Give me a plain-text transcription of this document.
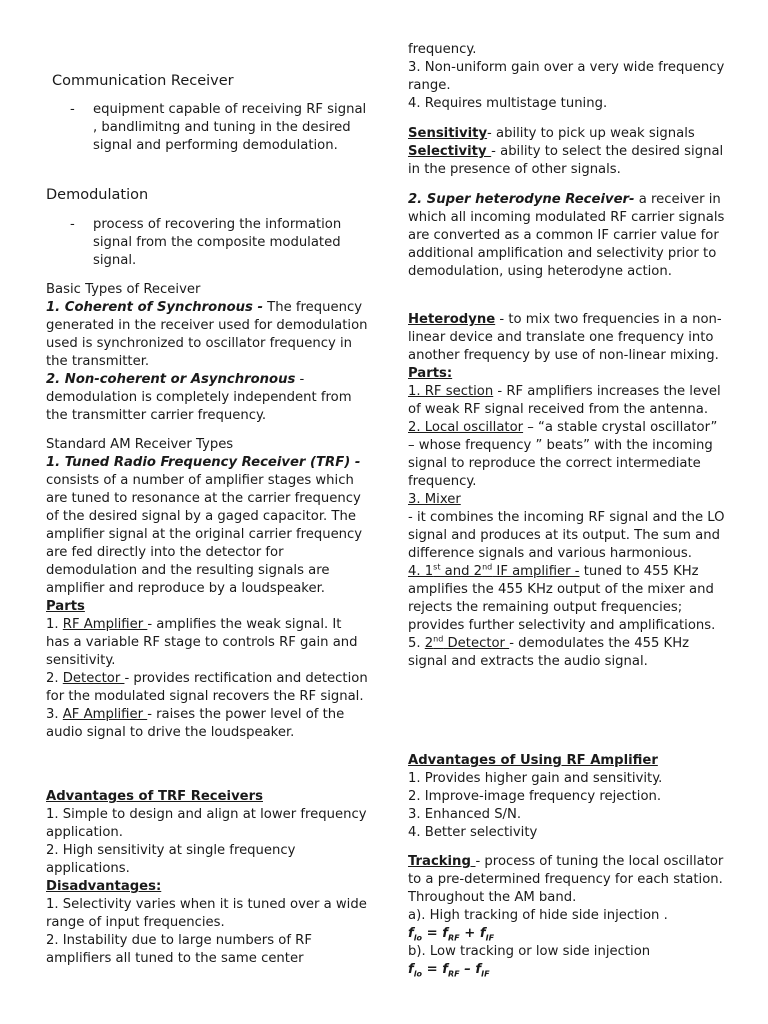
Communication Receiver

-	equipment capable of receiving RF signal , bandlimitng and tuning in the desired signal and performing demodulation.

Demodulation

-	process of recovering the information signal from the composite modulated signal.

Basic Types of Receiver

1. Coherent of Synchronous - The frequency generated in the receiver used for demodulation used is synchronized to oscillator frequency in the transmitter.

2. Non-coherent or Asynchronous - demodulation is completely independent from the transmitter carrier frequency.

Standard AM Receiver Types

1. Tuned Radio Frequency Receiver (TRF) - consists of a number of amplifier stages which are tuned to resonance at the carrier frequency of the desired signal by a gaged capacitor. The amplifier signal at the original carrier frequency are fed directly into the detector for demodulation and the resulting signals are amplifier and reproduce by a loudspeaker.

Parts

1. RF Amplifier - amplifies the weak signal. It has a variable RF stage to controls RF gain and sensitivity.

2. Detector - provides rectification and detection for the modulated signal recovers the RF signal.

3. AF Amplifier - raises the power level of the audio signal to drive the loudspeaker.

Advantages of TRF Receivers

1. Simple to design and align at lower frequency application.

2. High sensitivity at single frequency applications.

Disadvantages:

1. Selectivity varies when it is tuned over a wide range of input frequencies.

2. Instability due to large numbers of RF amplifiers all tuned to the same center

frequency.

3. Non-uniform gain over a very wide frequency range.

4. Requires multistage tuning.

Sensitivity- ability to pick up weak signals

Selectivity - ability to select the desired signal in the presence of other signals.

2. Super heterodyne Receiver- a receiver in which all incoming modulated RF carrier signals are converted as a common IF carrier value for additional amplification and selectivity prior to demodulation, using heterodyne action.

Heterodyne - to mix two frequencies in a non-linear device and translate one frequency into another frequency by use of non-linear mixing.

Parts:

1. RF section - RF amplifiers increases the level of weak RF signal received from the antenna.

2. Local oscillator – “a stable crystal oscillator” – whose frequency ” beats” with the incoming signal to reproduce the correct intermediate frequency.

3. Mixer

- it combines the incoming RF signal and the LO signal and produces at its output. The sum and difference signals and various harmonious.

4. 1st and 2nd IF amplifier - tuned to 455 KHz amplifies the 455 KHz output of the mixer and rejects the remaining output frequencies; provides further selectivity and amplifications.

5. 2nd Detector - demodulates the 455 KHz signal and extracts the audio signal.

Advantages of Using RF Amplifier

1. Provides higher gain and sensitivity.

2. Improve-image frequency rejection.

3. Enhanced S/N.

4. Better selectivity

Tracking - process of tuning the local oscillator to a pre-determined frequency for each station. Throughout the AM band.

a). High tracking of hide side injection .

$f_{lo} = f_{RF} + f_{IF}$

b). Low tracking or low side injection

$f_{lo} = f_{RF} - f_{IF}$
